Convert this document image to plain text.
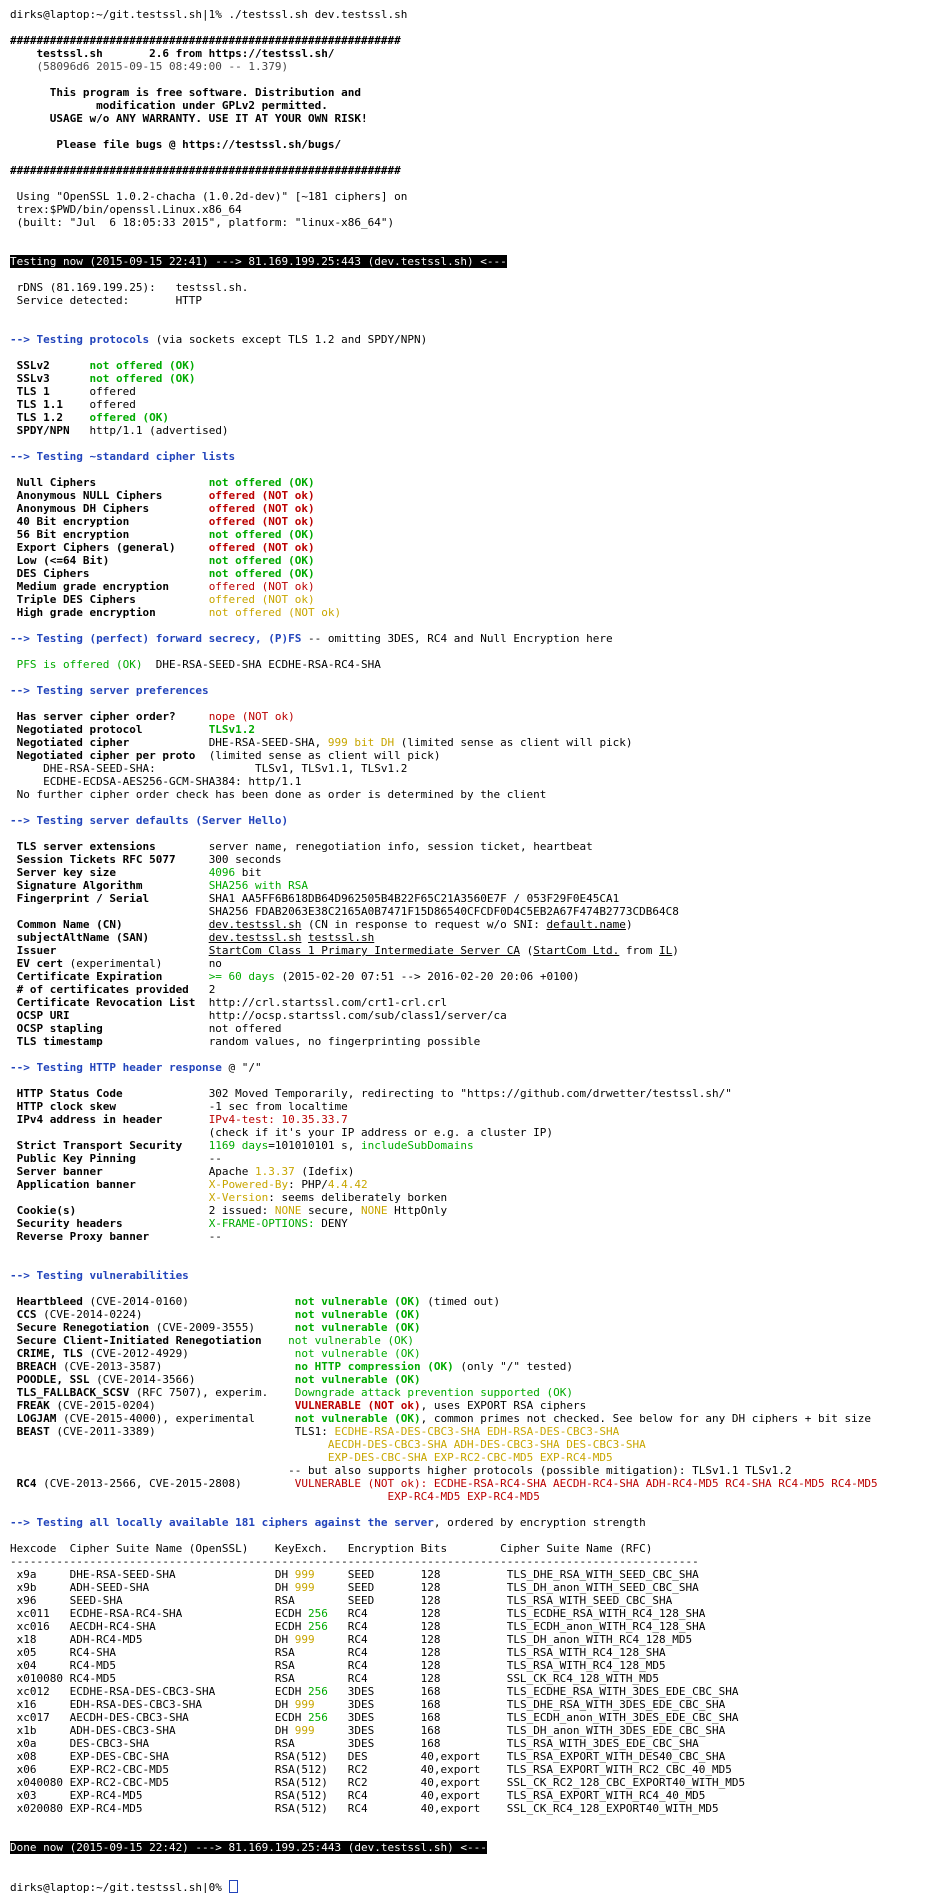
dirks@laptop:~/git.testssl.sh|1% ./testssl.sh dev.testssl.sh
###########################################################
testssl.sh       2.6 from https://testssl.sh/
(58096d6 2015-09-15 08:49:00 -- 1.379)
This program is free software. Distribution and
modification under GPLv2 permitted.
USAGE w/o ANY WARRANTY. USE IT AT YOUR OWN RISK!
Please file bugs @ https://testssl.sh/bugs/
###########################################################
Using "OpenSSL 1.0.2-chacha (1.0.2d-dev)" [~181 ciphers] on
trex:$PWD/bin/openssl.Linux.x86_64
(built: "Jul  6 18:05:33 2015", platform: "linux-x86_64")
Testing now (2015-09-15 22:41) ---> 81.169.199.25:443 (dev.testssl.sh) <---
rDNS (81.169.199.25):   testssl.sh.
Service detected:       HTTP
--> Testing protocols (via sockets except TLS 1.2 and SPDY/NPN)
SSLv2      not offered (OK)
SSLv3      not offered (OK)
TLS 1      offered
TLS 1.1    offered
TLS 1.2    offered (OK)
SPDY/NPN   http/1.1 (advertised)
--> Testing ~standard cipher lists
Null Ciphers                 not offered (OK)
Anonymous NULL Ciphers       offered (NOT ok)
Anonymous DH Ciphers         offered (NOT ok)
40 Bit encryption            offered (NOT ok)
56 Bit encryption            not offered (OK)
Export Ciphers (general)     offered (NOT ok)
Low (<=64 Bit)               not offered (OK)
DES Ciphers                  not offered (OK)
Medium grade encryption      offered (NOT ok)
Triple DES Ciphers           offered (NOT ok)
High grade encryption        not offered (NOT ok)
--> Testing (perfect) forward secrecy, (P)FS -- omitting 3DES, RC4 and Null Encryption here
PFS is offered (OK)  DHE-RSA-SEED-SHA ECDHE-RSA-RC4-SHA
--> Testing server preferences
Has server cipher order?     nope (NOT ok)
Negotiated protocol          TLSv1.2
Negotiated cipher            DHE-RSA-SEED-SHA, 999 bit DH (limited sense as client will pick)
Negotiated cipher per proto  (limited sense as client will pick)
DHE-RSA-SEED-SHA:               TLSv1, TLSv1.1, TLSv1.2
ECDHE-ECDSA-AES256-GCM-SHA384: http/1.1
No further cipher order check has been done as order is determined by the client
--> Testing server defaults (Server Hello)
TLS server extensions        server name, renegotiation info, session ticket, heartbeat
Session Tickets RFC 5077     300 seconds
Server key size              4096 bit
Signature Algorithm          SHA256 with RSA
Fingerprint / Serial         SHA1 AA5FF6B618DB64D962505B4B22F65C21A3560E7F / 053F29F0E45CA1
SHA256 FDAB2063E38C2165A0B7471F15D86540CFCDF0D4C5EB2A67F474B2773CDB64C8
Common Name (CN)             dev.testssl.sh (CN in response to request w/o SNI: default.name)
subjectAltName (SAN)         dev.testssl.sh testssl.sh
Issuer                       StartCom Class 1 Primary Intermediate Server CA (StartCom Ltd. from IL)
EV cert (experimental)       no
Certificate Expiration       >= 60 days (2015-02-20 07:51 --> 2016-02-20 20:06 +0100)
# of certificates provided   2
Certificate Revocation List  http://crl.startssl.com/crt1-crl.crl
OCSP URI                     http://ocsp.startssl.com/sub/class1/server/ca
OCSP stapling                not offered
TLS timestamp                random values, no fingerprinting possible
--> Testing HTTP header response @ "/"
HTTP Status Code             302 Moved Temporarily, redirecting to "https://github.com/drwetter/testssl.sh/"
HTTP clock skew              -1 sec from localtime
IPv4 address in header       IPv4-test: 10.35.33.7
(check if it's your IP address or e.g. a cluster IP)
Strict Transport Security    1169 days=101010101 s, includeSubDomains
Public Key Pinning           --
Server banner                Apache 1.3.37 (Idefix)
Application banner           X-Powered-By: PHP/4.4.42
X-Version: seems deliberately borken
Cookie(s)                    2 issued: NONE secure, NONE HttpOnly
Security headers             X-FRAME-OPTIONS: DENY
Reverse Proxy banner         --
--> Testing vulnerabilities
Heartbleed (CVE-2014-0160)                not vulnerable (OK) (timed out)
CCS (CVE-2014-0224)                       not vulnerable (OK)
Secure Renegotiation (CVE-2009-3555)      not vulnerable (OK)
Secure Client-Initiated Renegotiation    not vulnerable (OK)
CRIME, TLS (CVE-2012-4929)                not vulnerable (OK)
BREACH (CVE-2013-3587)                    no HTTP compression (OK) (only "/" tested)
POODLE, SSL (CVE-2014-3566)               not vulnerable (OK)
TLS_FALLBACK_SCSV (RFC 7507), experim.    Downgrade attack prevention supported (OK)
FREAK (CVE-2015-0204)                     VULNERABLE (NOT ok), uses EXPORT RSA ciphers
LOGJAM (CVE-2015-4000), experimental      not vulnerable (OK), common primes not checked. See below for any DH ciphers + bit size
BEAST (CVE-2011-3389)                     TLS1: ECDHE-RSA-DES-CBC3-SHA EDH-RSA-DES-CBC3-SHA
AECDH-DES-CBC3-SHA ADH-DES-CBC3-SHA DES-CBC3-SHA
EXP-DES-CBC-SHA EXP-RC2-CBC-MD5 EXP-RC4-MD5
-- but also supports higher protocols (possible mitigation): TLSv1.1 TLSv1.2
RC4 (CVE-2013-2566, CVE-2015-2808)        VULNERABLE (NOT ok): ECDHE-RSA-RC4-SHA AECDH-RC4-SHA ADH-RC4-MD5 RC4-SHA RC4-MD5 RC4-MD5
EXP-RC4-MD5 EXP-RC4-MD5
--> Testing all locally available 181 ciphers against the server, ordered by encryption strength
Hexcode  Cipher Suite Name (OpenSSL)    KeyExch.   Encryption Bits        Cipher Suite Name (RFC)
--------------------------------------------------------------------------------------------------------
x9a     DHE-RSA-SEED-SHA               DH 999     SEED       128          TLS_DHE_RSA_WITH_SEED_CBC_SHA
x9b     ADH-SEED-SHA                   DH 999     SEED       128          TLS_DH_anon_WITH_SEED_CBC_SHA
x96     SEED-SHA                       RSA        SEED       128          TLS_RSA_WITH_SEED_CBC_SHA
xc011   ECDHE-RSA-RC4-SHA              ECDH 256   RC4        128          TLS_ECDHE_RSA_WITH_RC4_128_SHA
xc016   AECDH-RC4-SHA                  ECDH 256   RC4        128          TLS_ECDH_anon_WITH_RC4_128_SHA
x18     ADH-RC4-MD5                    DH 999     RC4        128          TLS_DH_anon_WITH_RC4_128_MD5
x05     RC4-SHA                        RSA        RC4        128          TLS_RSA_WITH_RC4_128_SHA
x04     RC4-MD5                        RSA        RC4        128          TLS_RSA_WITH_RC4_128_MD5
x010080 RC4-MD5                        RSA        RC4        128          SSL_CK_RC4_128_WITH_MD5
xc012   ECDHE-RSA-DES-CBC3-SHA         ECDH 256   3DES       168          TLS_ECDHE_RSA_WITH_3DES_EDE_CBC_SHA
x16     EDH-RSA-DES-CBC3-SHA           DH 999     3DES       168          TLS_DHE_RSA_WITH_3DES_EDE_CBC_SHA
xc017   AECDH-DES-CBC3-SHA             ECDH 256   3DES       168          TLS_ECDH_anon_WITH_3DES_EDE_CBC_SHA
x1b     ADH-DES-CBC3-SHA               DH 999     3DES       168          TLS_DH_anon_WITH_3DES_EDE_CBC_SHA
x0a     DES-CBC3-SHA                   RSA        3DES       168          TLS_RSA_WITH_3DES_EDE_CBC_SHA
x08     EXP-DES-CBC-SHA                RSA(512)   DES        40,export    TLS_RSA_EXPORT_WITH_DES40_CBC_SHA
x06     EXP-RC2-CBC-MD5                RSA(512)   RC2        40,export    TLS_RSA_EXPORT_WITH_RC2_CBC_40_MD5
x040080 EXP-RC2-CBC-MD5                RSA(512)   RC2        40,export    SSL_CK_RC2_128_CBC_EXPORT40_WITH_MD5
x03     EXP-RC4-MD5                    RSA(512)   RC4        40,export    TLS_RSA_EXPORT_WITH_RC4_40_MD5
x020080 EXP-RC4-MD5                    RSA(512)   RC4        40,export    SSL_CK_RC4_128_EXPORT40_WITH_MD5
Done now (2015-09-15 22:42) ---> 81.169.199.25:443 (dev.testssl.sh) <---
dirks@laptop:~/git.testssl.sh|0%
